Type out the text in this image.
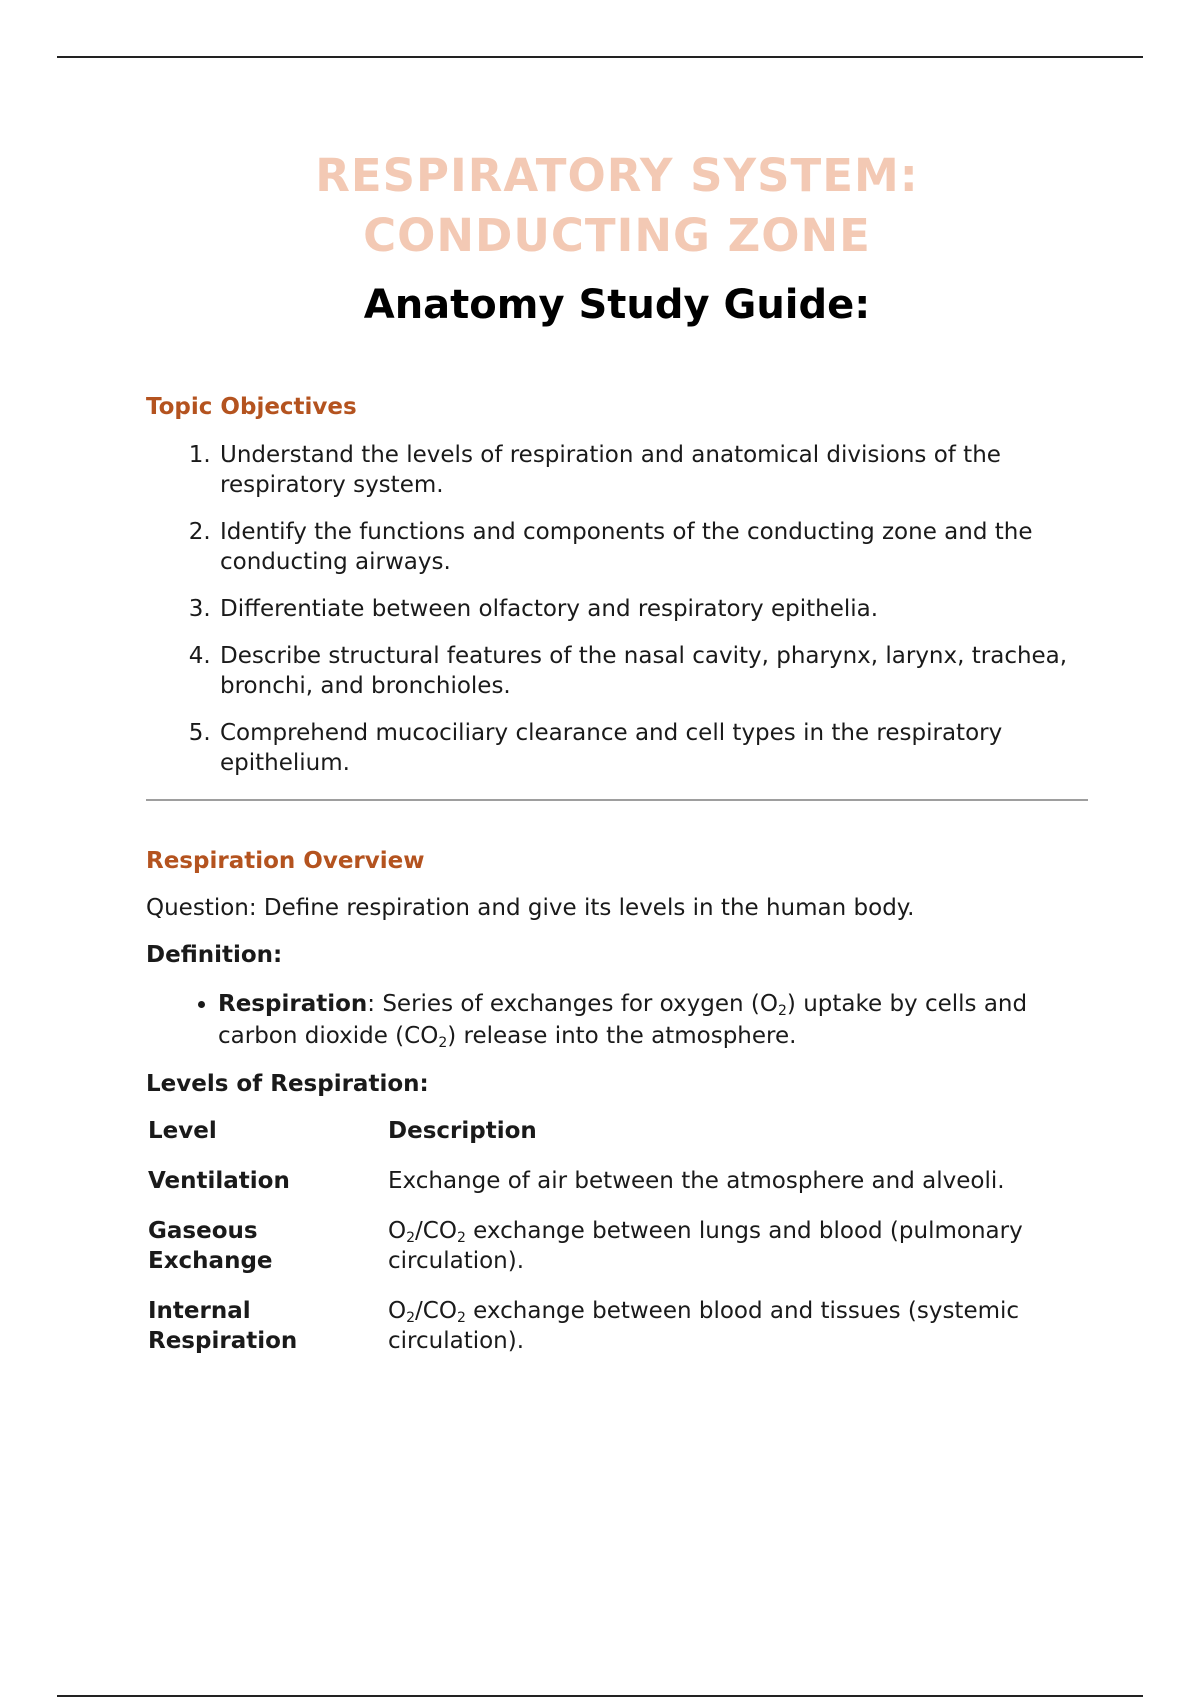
RESPIRATORY SYSTEM:
CONDUCTING ZONE
Anatomy Study Guide:
Topic Objectives
1. Understand the levels of respiration and anatomical divisions of the respiratory system.
2. Identify the functions and components of the conducting zone and the conducting airways.
3. Differentiate between olfactory and respiratory epithelia.
4. Describe structural features of the nasal cavity, pharynx, larynx, trachea, bronchi, and bronchioles.
5. Comprehend mucociliary clearance and cell types in the respiratory epithelium.
Respiration Overview
Question: Define respiration and give its levels in the human body.
Definition:
• Respiration: Series of exchanges for oxygen $(O_2)$ uptake by cells and carbon dioxide $(CO_2)$ release into the atmosphere.
Levels of Respiration:
Level	Description
Ventilation	Exchange of air between the atmosphere and alveoli.
Gaseous Exchange	$O_2/CO_2$ exchange between lungs and blood (pulmonary circulation).
Internal Respiration	$O_2/CO_2$ exchange between blood and tissues (systemic circulation).
